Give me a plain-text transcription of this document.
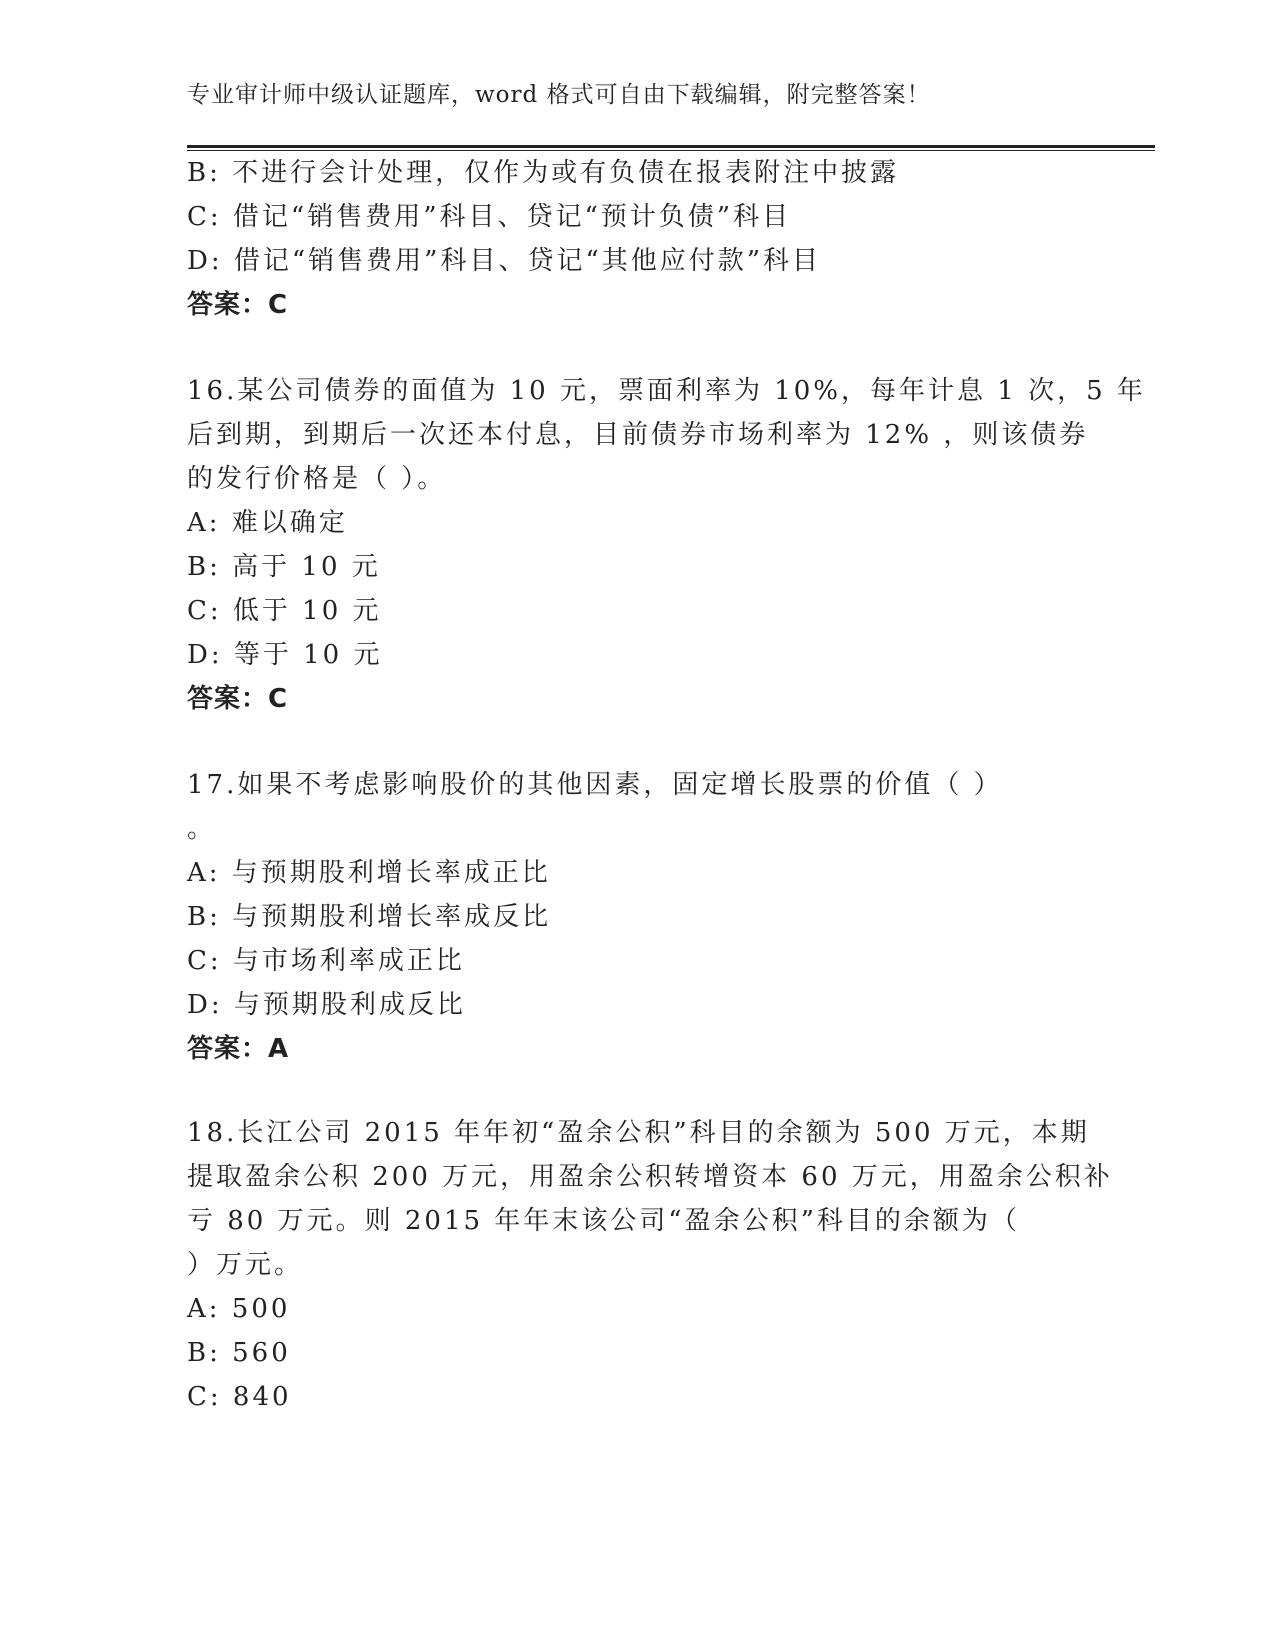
专业审计师中级认证题库，word 格式可自由下载编辑，附完整答案！
B: 不进行会计处理，仅作为或有负债在报表附注中披露
C: 借记“销售费用”科目、贷记“预计负债”科目
D: 借记“销售费用”科目、贷记“其他应付款”科目
答案：C
16.某公司债券的面值为 10 元，票面利率为 10%，每年计息 1 次，5 年
后到期，到期后一次还本付息，目前债券市场利率为 12% ，则该债券
的发行价格是（ ）。
A: 难以确定
B: 高于 10 元
C: 低于 10 元
D: 等于 10 元
答案：C
17.如果不考虑影响股价的其他因素，固定增长股票的价值（ ）
。
A: 与预期股利增长率成正比
B: 与预期股利增长率成反比
C: 与市场利率成正比
D: 与预期股利成反比
答案：A
18.长江公司 2015 年年初“盈余公积”科目的余额为 500 万元，本期
提取盈余公积 200 万元，用盈余公积转增资本 60 万元，用盈余公积补
亏 80 万元。则 2015 年年末该公司“盈余公积”科目的余额为（
）万元。
A: 500
B: 560
C: 840
